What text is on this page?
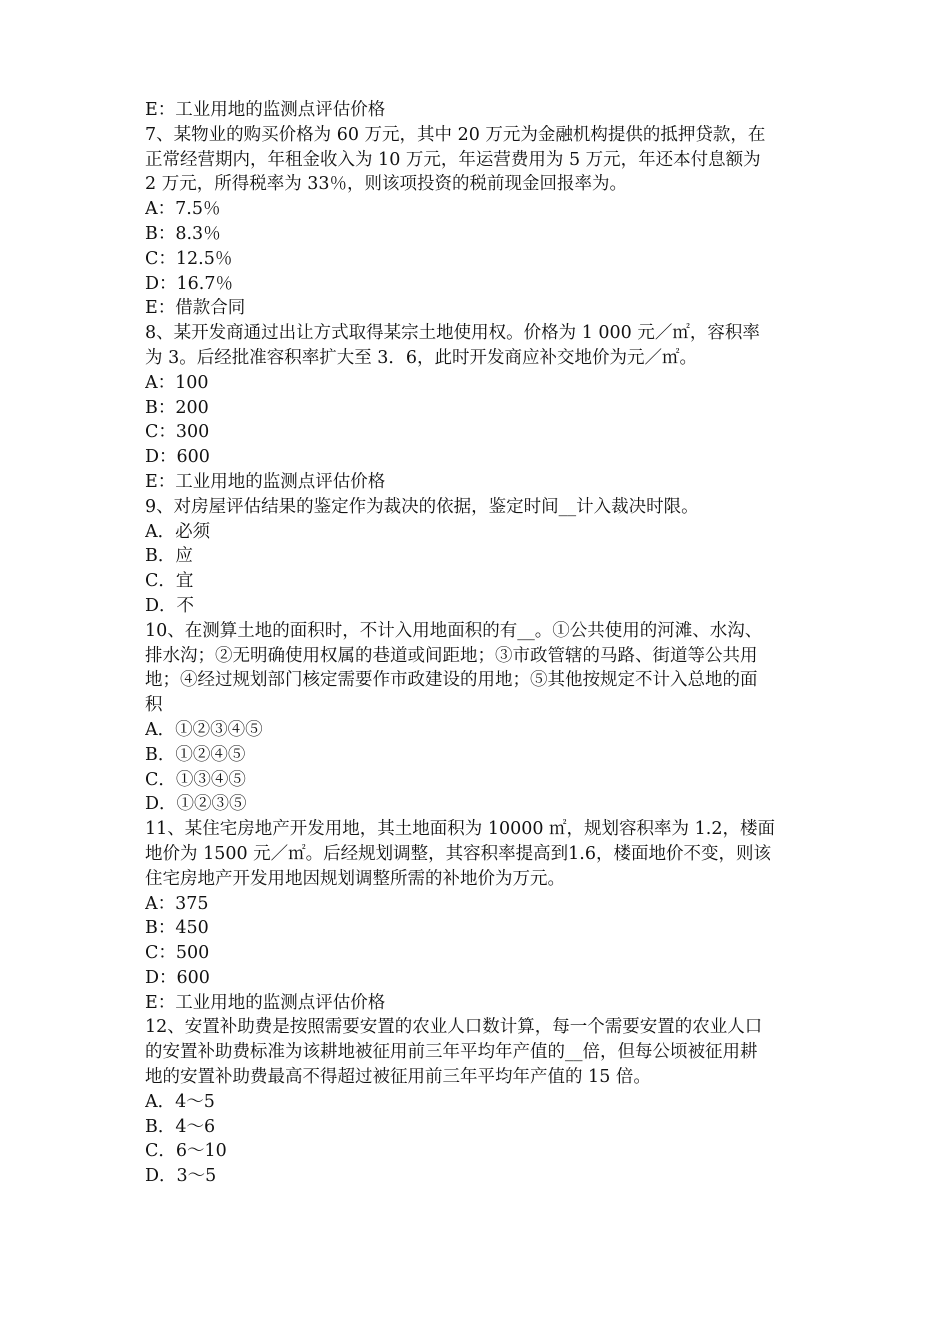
E：工业用地的监测点评估价格
7、某物业的购买价格为 60 万元，其中 20 万元为金融机构提供的抵押贷款，在
正常经营期内，年租金收入为 10 万元，年运营费用为 5 万元，年还本付息额为
2 万元，所得税率为 33％，则该项投资的税前现金回报率为。
A：7.5％
B：8.3％
C：12.5％
D：16.7％
E：借款合同
8、某开发商通过出让方式取得某宗土地使用权。价格为 1 000 元／㎡，容积率
为 3。后经批准容积率扩大至 3．6，此时开发商应补交地价为元／㎡。
A：100
B：200
C：300
D：600
E：工业用地的监测点评估价格
9、对房屋评估结果的鉴定作为裁决的依据，鉴定时间__计入裁决时限。
A．必须
B．应
C．宜
D．不
10、在测算土地的面积时，不计入用地面积的有__。①公共使用的河滩、水沟、
排水沟；②无明确使用权属的巷道或间距地；③市政管辖的马路、街道等公共用
地；④经过规划部门核定需要作市政建设的用地；⑤其他按规定不计入总地的面
积
A．①②③④⑤
B．①②④⑤
C．①③④⑤
D．①②③⑤
11、某住宅房地产开发用地，其土地面积为 10000 ㎡，规划容积率为 1.2，楼面
地价为 1500 元／㎡。后经规划调整，其容积率提高到1.6，楼面地价不变，则该
住宅房地产开发用地因规划调整所需的补地价为万元。
A：375
B：450
C：500
D：600
E：工业用地的监测点评估价格
12、安置补助费是按照需要安置的农业人口数计算，每一个需要安置的农业人口
的安置补助费标准为该耕地被征用前三年平均年产值的__倍，但每公顷被征用耕
地的安置补助费最高不得超过被征用前三年平均年产值的 15 倍。
A．4～5
B．4～6
C．6～10
D．3～5
